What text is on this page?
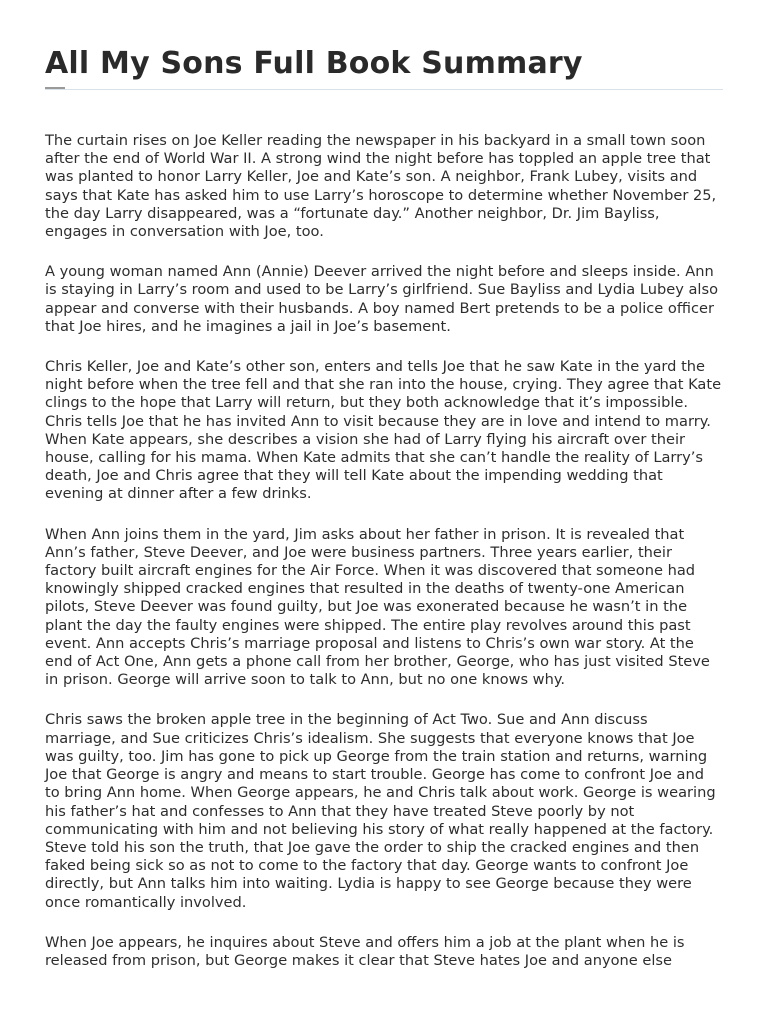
All My Sons Full Book Summary

The curtain rises on Joe Keller reading the newspaper in his backyard in a small town soon after the end of World War II. A strong wind the night before has toppled an apple tree that was planted to honor Larry Keller, Joe and Kate’s son. A neighbor, Frank Lubey, visits and says that Kate has asked him to use Larry’s horoscope to determine whether November 25, the day Larry disappeared, was a “fortunate day.” Another neighbor, Dr. Jim Bayliss, engages in conversation with Joe, too.

A young woman named Ann (Annie) Deever arrived the night before and sleeps inside. Ann is staying in Larry’s room and used to be Larry’s girlfriend. Sue Bayliss and Lydia Lubey also appear and converse with their husbands. A boy named Bert pretends to be a police officer that Joe hires, and he imagines a jail in Joe’s basement.

Chris Keller, Joe and Kate’s other son, enters and tells Joe that he saw Kate in the yard the night before when the tree fell and that she ran into the house, crying. They agree that Kate clings to the hope that Larry will return, but they both acknowledge that it’s impossible. Chris tells Joe that he has invited Ann to visit because they are in love and intend to marry. When Kate appears, she describes a vision she had of Larry flying his aircraft over their house, calling for his mama. When Kate admits that she can’t handle the reality of Larry’s death, Joe and Chris agree that they will tell Kate about the impending wedding that evening at dinner after a few drinks.

When Ann joins them in the yard, Jim asks about her father in prison. It is revealed that Ann’s father, Steve Deever, and Joe were business partners. Three years earlier, their factory built aircraft engines for the Air Force. When it was discovered that someone had knowingly shipped cracked engines that resulted in the deaths of twenty-one American pilots, Steve Deever was found guilty, but Joe was exonerated because he wasn’t in the plant the day the faulty engines were shipped. The entire play revolves around this past event. Ann accepts Chris’s marriage proposal and listens to Chris’s own war story. At the end of Act One, Ann gets a phone call from her brother, George, who has just visited Steve in prison. George will arrive soon to talk to Ann, but no one knows why.

Chris saws the broken apple tree in the beginning of Act Two. Sue and Ann discuss marriage, and Sue criticizes Chris’s idealism. She suggests that everyone knows that Joe was guilty, too. Jim has gone to pick up George from the train station and returns, warning Joe that George is angry and means to start trouble. George has come to confront Joe and to bring Ann home. When George appears, he and Chris talk about work. George is wearing his father’s hat and confesses to Ann that they have treated Steve poorly by not communicating with him and not believing his story of what really happened at the factory. Steve told his son the truth, that Joe gave the order to ship the cracked engines and then faked being sick so as not to come to the factory that day. George wants to confront Joe directly, but Ann talks him into waiting. Lydia is happy to see George because they were once romantically involved.

When Joe appears, he inquires about Steve and offers him a job at the plant when he is released from prison, but George makes it clear that Steve hates Joe and anyone else
